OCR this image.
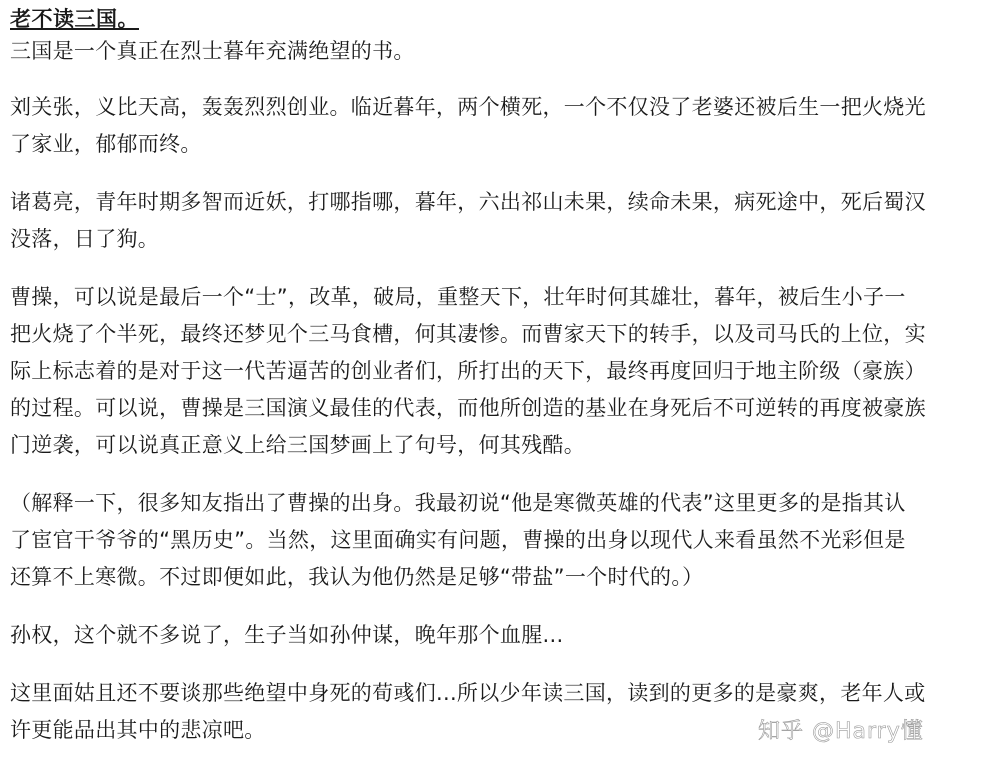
老不读三国。
三国是一个真正在烈士暮年充满绝望的书。
刘关张，义比天高，轰轰烈烈创业。临近暮年，两个横死，一个不仅没了老婆还被后生一把火烧光
了家业，郁郁而终。
诸葛亮，青年时期多智而近妖，打哪指哪，暮年，六出祁山未果，续命未果，病死途中，死后蜀汉
没落，日了狗。
曹操，可以说是最后一个“士”，改革，破局，重整天下，壮年时何其雄壮，暮年，被后生小子一
把火烧了个半死，最终还梦见个三马食槽，何其凄惨。而曹家天下的转手，以及司马氏的上位，实
际上标志着的是对于这一代苦逼苦的创业者们，所打出的天下，最终再度回归于地主阶级（豪族）
的过程。可以说，曹操是三国演义最佳的代表，而他所创造的基业在身死后不可逆转的再度被豪族
门逆袭，可以说真正意义上给三国梦画上了句号，何其残酷。
（解释一下，很多知友指出了曹操的出身。我最初说“他是寒微英雄的代表”这里更多的是指其认
了宦官干爷爷的“黑历史”。当然，这里面确实有问题，曹操的出身以现代人来看虽然不光彩但是
还算不上寒微。不过即便如此，我认为他仍然是足够“带盐”一个时代的。）
孙权，这个就不多说了，生子当如孙仲谋，晚年那个血腥...
这里面姑且还不要谈那些绝望中身死的荀彧们...所以少年读三国，读到的更多的是豪爽，老年人或
许更能品出其中的悲凉吧。	知乎 @Harry懂
